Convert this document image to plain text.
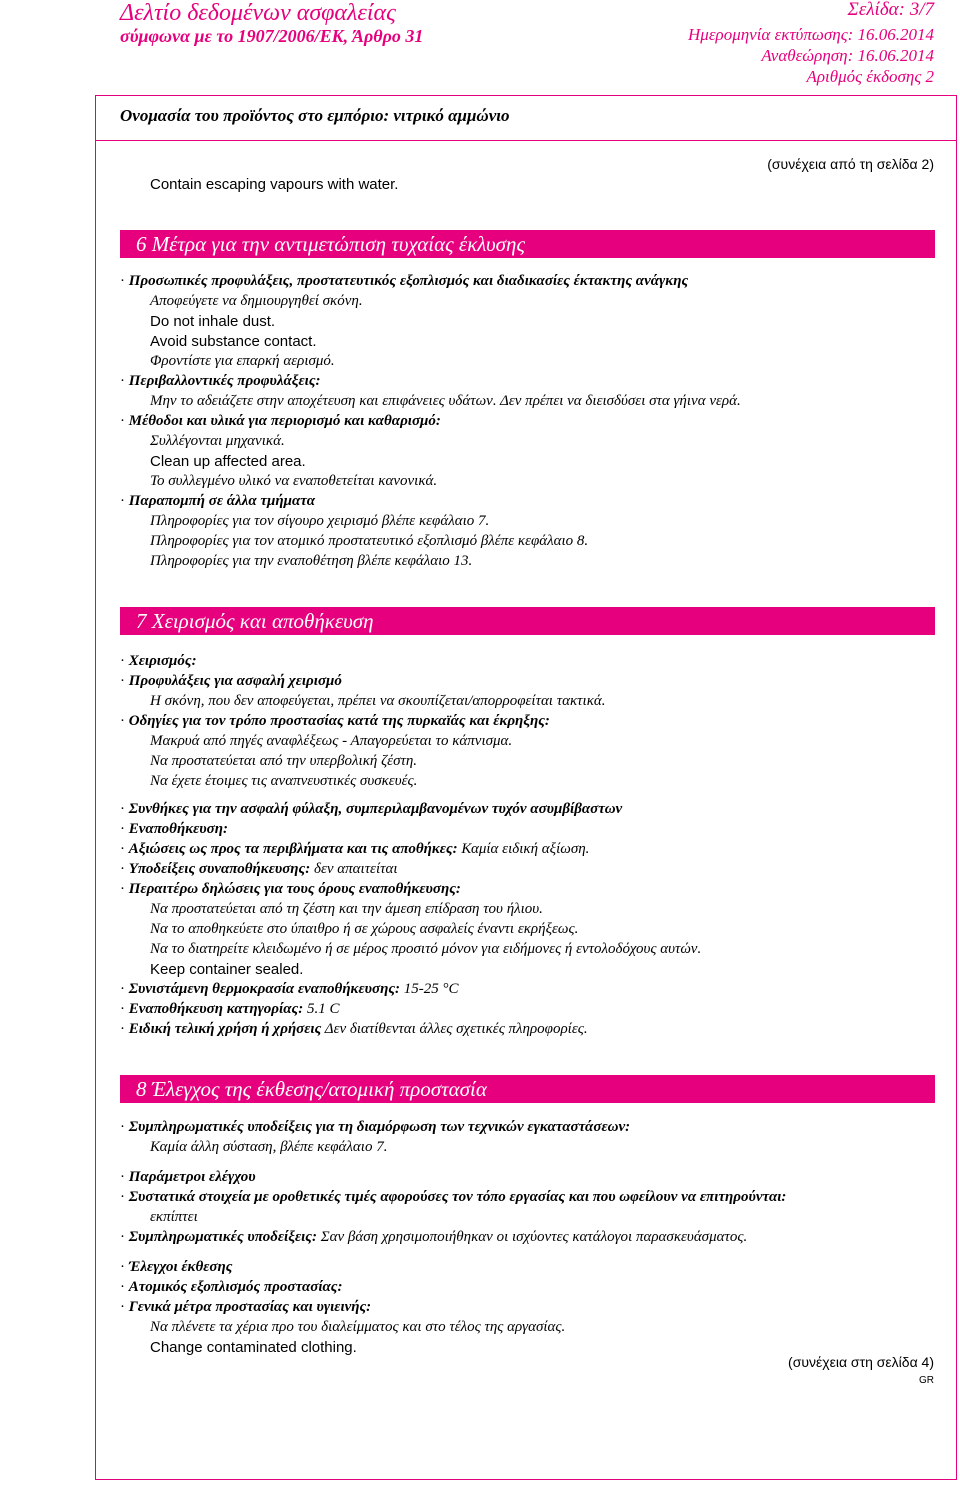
Δελτίο δεδομένων ασφαλείας
σύμφωνα με το 1907/2006/ΕΚ, Άρθρο 31
Σελίδα: 3/7
Ημερομηνία εκτύπωσης: 16.06.2014
Αναθεώρηση: 16.06.2014
Αριθμός έκδοσης 2
Ονομασία του προϊόντος στο εμπόριο: νιτρικό αμμώνιο
(συνέχεια από τη σελίδα 2)
Contain escaping vapours with water.
6 Μέτρα για την αντιμετώπιση τυχαίας έκλυσης
· Προσωπικές προφυλάξεις, προστατευτικός εξοπλισμός και διαδικασίες έκτακτης ανάγκης
Αποφεύγετε να δημιουργηθεί σκόνη.
Do not inhale dust.
Avoid substance contact.
Φροντίστε για επαρκή αερισμό.
· Περιβαλλοντικές προφυλάξεις:
Μην το αδειάζετε στην αποχέτευση και επιφάνειες υδάτων. Δεν πρέπει να διεισδύσει στα γήινα νερά.
· Μέθοδοι και υλικά για περιορισμό και καθαρισμό:
Συλλέγονται μηχανικά.
Clean up affected area.
Το συλλεγμένο υλικό να εναποθετείται κανονικά.
· Παραπομπή σε άλλα τμήματα
Πληροφορίες για τον σίγουρο χειρισμό βλέπε κεφάλαιο 7.
Πληροφορίες για τον ατομικό προστατευτικό εξοπλισμό βλέπε κεφάλαιο 8.
Πληροφορίες για την εναποθέτηση βλέπε κεφάλαιο 13.
7 Χειρισμός και αποθήκευση
· Χειρισμός:
· Προφυλάξεις για ασφαλή χειρισμό
Η σκόνη, που δεν αποφεύγεται, πρέπει να σκουπίζεται/απορροφείται τακτικά.
· Οδηγίες για τον τρόπο προστασίας κατά της πυρκαϊάς και έκρηξης:
Μακρυά από πηγές αναφλέξεως - Απαγορεύεται το κάπνισμα.
Να προστατεύεται από την υπερβολική ζέστη.
Να έχετε έτοιμες τις αναπνευστικές συσκευές.
· Συνθήκες για την ασφαλή φύλαξη, συμπεριλαμβανομένων τυχόν ασυμβίβαστων
· Εναποθήκευση:
· Αξιώσεις ως προς τα περιβλήματα και τις αποθήκες: Καμία ειδική αξίωση.
· Υποδείξεις συναποθήκευσης: δεν απαιτείται
· Περαιτέρω δηλώσεις για τους όρους εναποθήκευσης:
Να προστατεύεται από τη ζέστη και την άμεση επίδραση του ήλιου.
Να το αποθηκεύετε στο ύπαιθρο ή σε χώρους ασφαλείς έναντι εκρήξεως.
Να το διατηρείτε κλειδωμένο ή σε μέρος προσιτό μόνον για ειδήμονες ή εντολοδόχους αυτών.
Keep container sealed.
· Συνιστάμενη θερμοκρασία εναποθήκευσης: 15-25 °C
· Εναποθήκευση κατηγορίας: 5.1 C
· Ειδική τελική χρήση ή χρήσεις Δεν διατίθενται άλλες σχετικές πληροφορίες.
8 Έλεγχος της έκθεσης/ατομική προστασία
· Συμπληρωματικές υποδείξεις για τη διαμόρφωση των τεχνικών εγκαταστάσεων:
Καμία άλλη σύσταση, βλέπε κεφάλαιο 7.
· Παράμετροι ελέγχου
· Συστατικά στοιχεία με οροθετικές τιμές αφορούσες τον τόπο εργασίας και που ωφείλουν να επιτηρούνται:
εκπίπτει
· Συμπληρωματικές υποδείξεις: Σαν βάση χρησιμοποιήθηκαν οι ισχύοντες κατάλογοι παρασκευάσματος.
· Έλεγχοι έκθεσης
· Ατομικός εξοπλισμός προστασίας:
· Γενικά μέτρα προστασίας και υγιεινής:
Να πλένετε τα χέρια προ του διαλείμματος και στο τέλος της αργασίας.
Change contaminated clothing.
(συνέχεια στη σελίδα 4)
GR
